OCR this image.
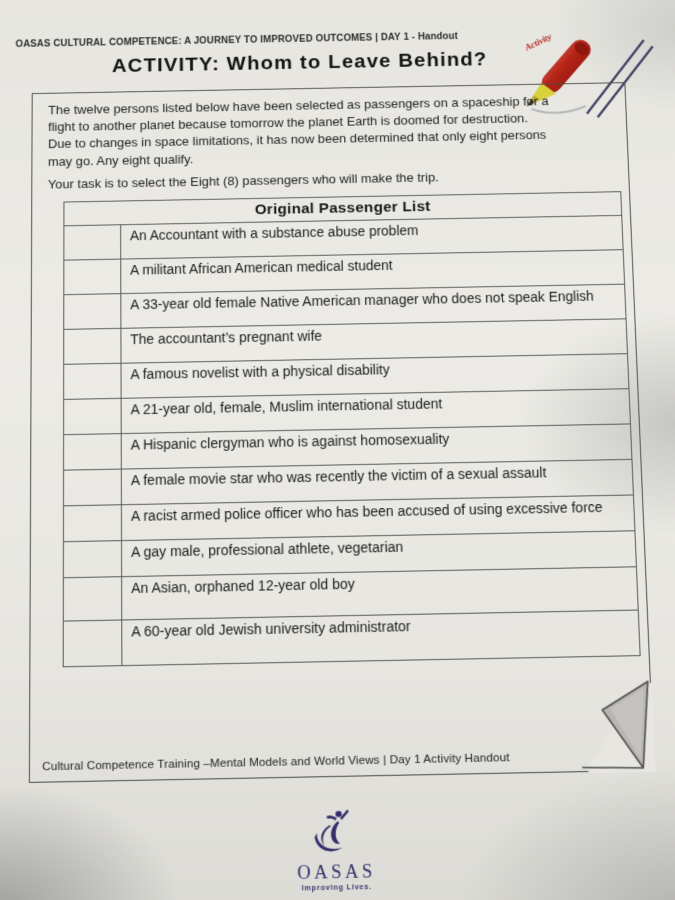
OASAS CULTURAL COMPETENCE: A JOURNEY TO IMPROVED OUTCOMES | DAY 1 - Handout
ACTIVITY: Whom to Leave Behind?
Activity
The twelve persons listed below have been selected as passengers on a spaceship for a
flight to another planet because tomorrow the planet Earth is doomed for destruction.
Due to changes in space limitations, it has now been determined that only eight persons
may go. Any eight qualify.
Your task is to select the Eight (8) passengers who will make the trip.
Original Passenger List
An Accountant with a substance abuse problem
A militant African American medical student
A 33-year old female Native American manager who does not speak English
The accountant’s pregnant wife
A famous novelist with a physical disability
A 21-year old, female, Muslim international student
A Hispanic clergyman who is against homosexuality
A female movie star who was recently the victim of a sexual assault
A racist armed police officer who has been accused of using excessive force
A gay male, professional athlete, vegetarian
An Asian, orphaned 12-year old boy
A 60-year old Jewish university administrator
Cultural Competence Training –Mental Models and World Views | Day 1 Activity Handout
OASAS
Improving Lives.
